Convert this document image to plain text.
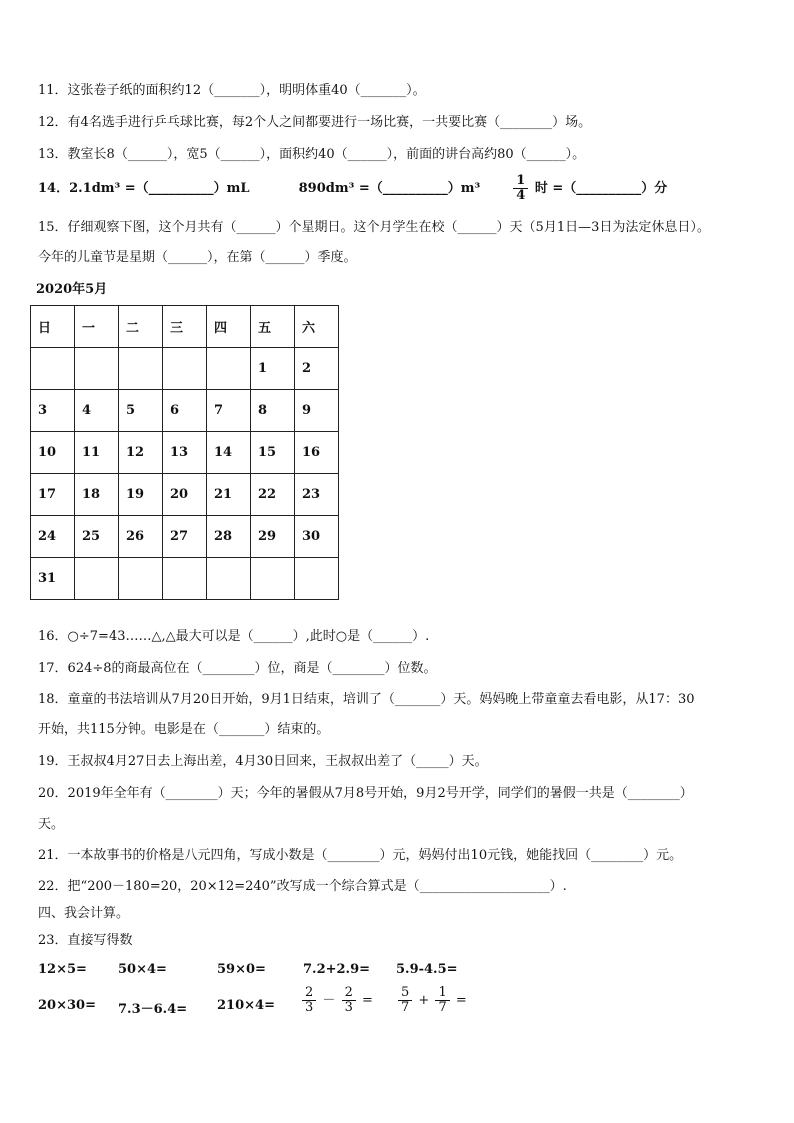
11．这张卷子纸的面积约12（_______），明明体重40（_______）。
12．有4名选手进行乒乓球比赛，每2个人之间都要进行一场比赛，一共要比赛（________）场。
13．教室长8（______），宽5（______），面积约40（______），前面的讲台高约80（______）。
14．2.1dm³ =（__________）mL	890dm³ =（__________）m³	$\frac{1}{4}$ 时 =（__________）分
15．仔细观察下图，这个月共有（______）个星期日。这个月学生在校（______）天（5月1日—3日为法定休息日）。
今年的儿童节是星期（______），在第（______）季度。
2020年5月
日	一	二	三	四	五	六
					1	2
3	4	5	6	7	8	9
10	11	12	13	14	15	16
17	18	19	20	21	22	23
24	25	26	27	28	29	30
31						
16．○÷7=43……△,△最大可以是（______）,此时○是（______）.
17．624÷8的商最高位在（________）位，商是（________）位数。
18．童童的书法培训从7月20日开始，9月1日结束，培训了（_______）天。妈妈晚上带童童去看电影，从17：30
开始，共115分钟。电影是在（_______）结束的。
19．王叔叔4月27日去上海出差，4月30日回来，王叔叔出差了（_____）天。
20．2019年全年有（________）天；今年的暑假从7月8号开始，9月2号开学，同学们的暑假一共是（________）
天。
21．一本故事书的价格是八元四角，写成小数是（________）元，妈妈付出10元钱，她能找回（________）元。
22．把“200－180=20，20×12=240”改写成一个综合算式是（____________________）.
四、我会计算。
23．直接写得数
12×5= 50×4=	59×0=	7.2+2.9= 5.9-4.5=
$20\times 30= 7.3-6.4= 210\times 4= \frac{2}{3} - \frac{2}{3} = \frac{5}{7} + \frac{1}{7}$ =
